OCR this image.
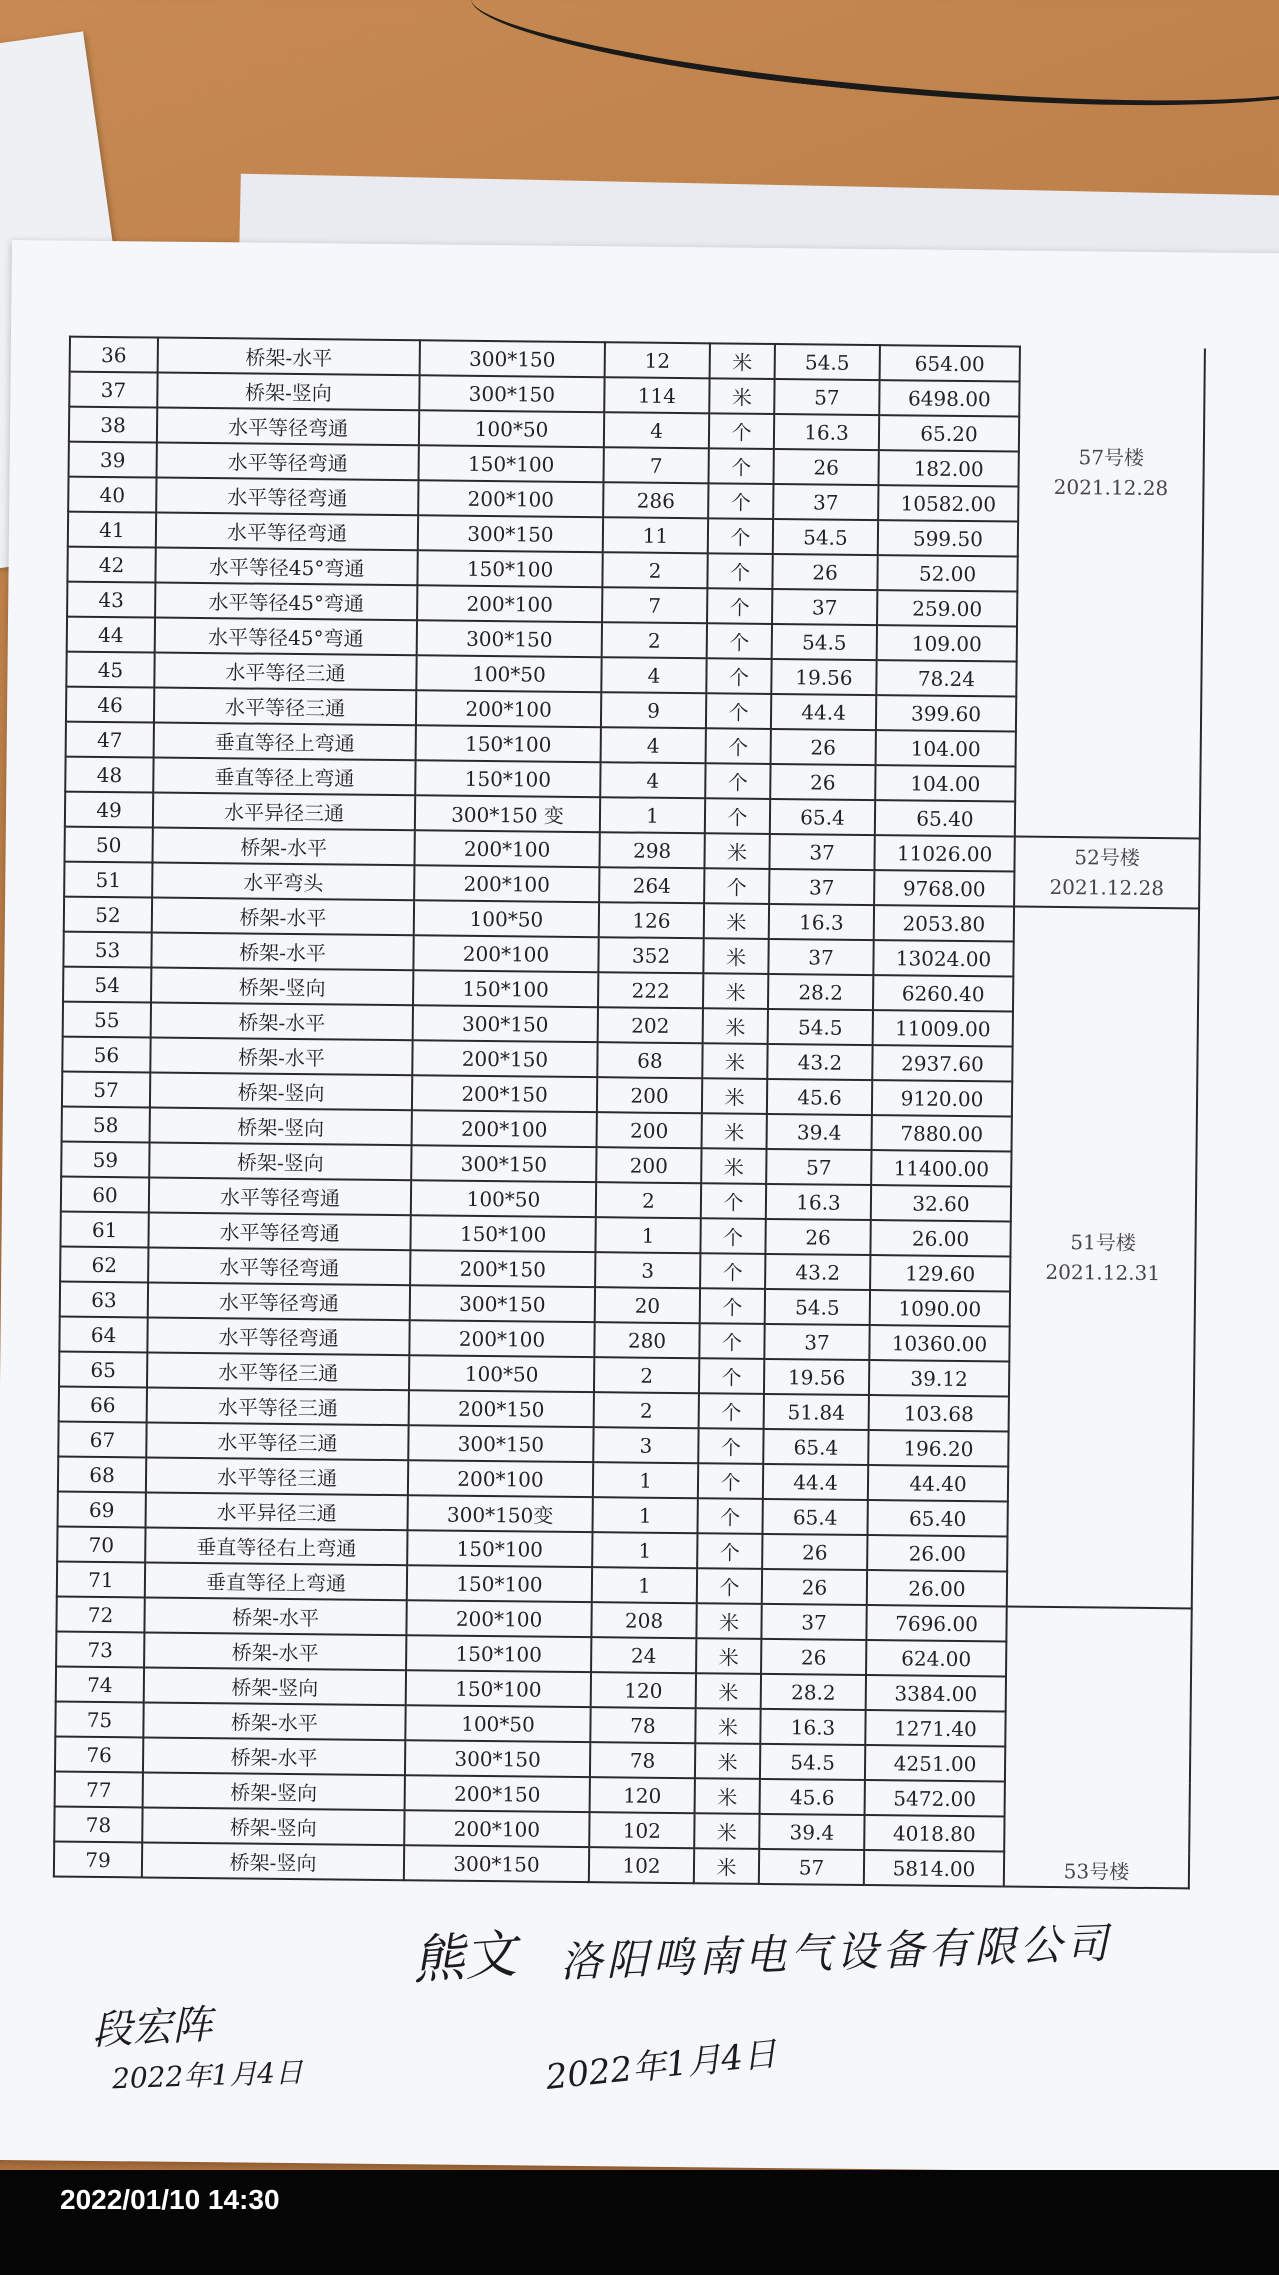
36	桥架-水平	300*150	12	米	54.5	654.00	57号楼
2021.12.28

37	桥架-竖向	300*150	114	米	57	6498.00	
38	水平等径弯通	100*50	4	个	16.3	65.20	
39	水平等径弯通	150*100	7	个	26	182.00	
40	水平等径弯通	200*100	286	个	37	10582.00	
41	水平等径弯通	300*150	11	个	54.5	599.50	
42	水平等径45°弯通	150*100	2	个	26	52.00	
43	水平等径45°弯通	200*100	7	个	37	259.00	
44	水平等径45°弯通	300*150	2	个	54.5	109.00	
45	水平等径三通	100*50	4	个	19.56	78.24	
46	水平等径三通	200*100	9	个	44.4	399.60	
47	垂直等径上弯通	150*100	4	个	26	104.00	
48	垂直等径上弯通	150*100	4	个	26	104.00	
49	水平异径三通	300*150 变	1	个	65.4	65.40	
50	桥架-水平	200*100	298	米	37	11026.00	52号楼
2021.12.28

51	水平弯头	200*100	264	个	37	9768.00	
52	桥架-水平	100*50	126	米	16.3	2053.80	51号楼
2021.12.31

53	桥架-水平	200*100	352	米	37	13024.00	
54	桥架-竖向	150*100	222	米	28.2	6260.40	
55	桥架-水平	300*150	202	米	54.5	11009.00	
56	桥架-水平	200*150	68	米	43.2	2937.60	
57	桥架-竖向	200*150	200	米	45.6	9120.00	
58	桥架-竖向	200*100	200	米	39.4	7880.00	
59	桥架-竖向	300*150	200	米	57	11400.00	
60	水平等径弯通	100*50	2	个	16.3	32.60	
61	水平等径弯通	150*100	1	个	26	26.00	
62	水平等径弯通	200*150	3	个	43.2	129.60	
63	水平等径弯通	300*150	20	个	54.5	1090.00	
64	水平等径弯通	200*100	280	个	37	10360.00	
65	水平等径三通	100*50	2	个	19.56	39.12	
66	水平等径三通	200*150	2	个	51.84	103.68	
67	水平等径三通	300*150	3	个	65.4	196.20	
68	水平等径三通	200*100	1	个	44.4	44.40	
69	水平异径三通	300*150变	1	个	65.4	65.40	
70	垂直等径右上弯通	150*100	1	个	26	26.00	
71	垂直等径上弯通	150*100	1	个	26	26.00	
72	桥架-水平	200*100	208	米	37	7696.00	53号楼

73	桥架-水平	150*100	24	米	26	624.00	
74	桥架-竖向	150*100	120	米	28.2	3384.00	
75	桥架-水平	100*50	78	米	16.3	1271.40	
76	桥架-水平	300*150	78	米	54.5	4251.00	
77	桥架-竖向	200*150	120	米	45.6	5472.00	
78	桥架-竖向	200*100	102	米	39.4	4018.80	
79	桥架-竖向	300*150	102	米	57	5814.00	
熊文 洛阳鸣南电气设备有限公司
段宏阵
2022年1月4日	2022年1月4日
2022/01/10 14:30
